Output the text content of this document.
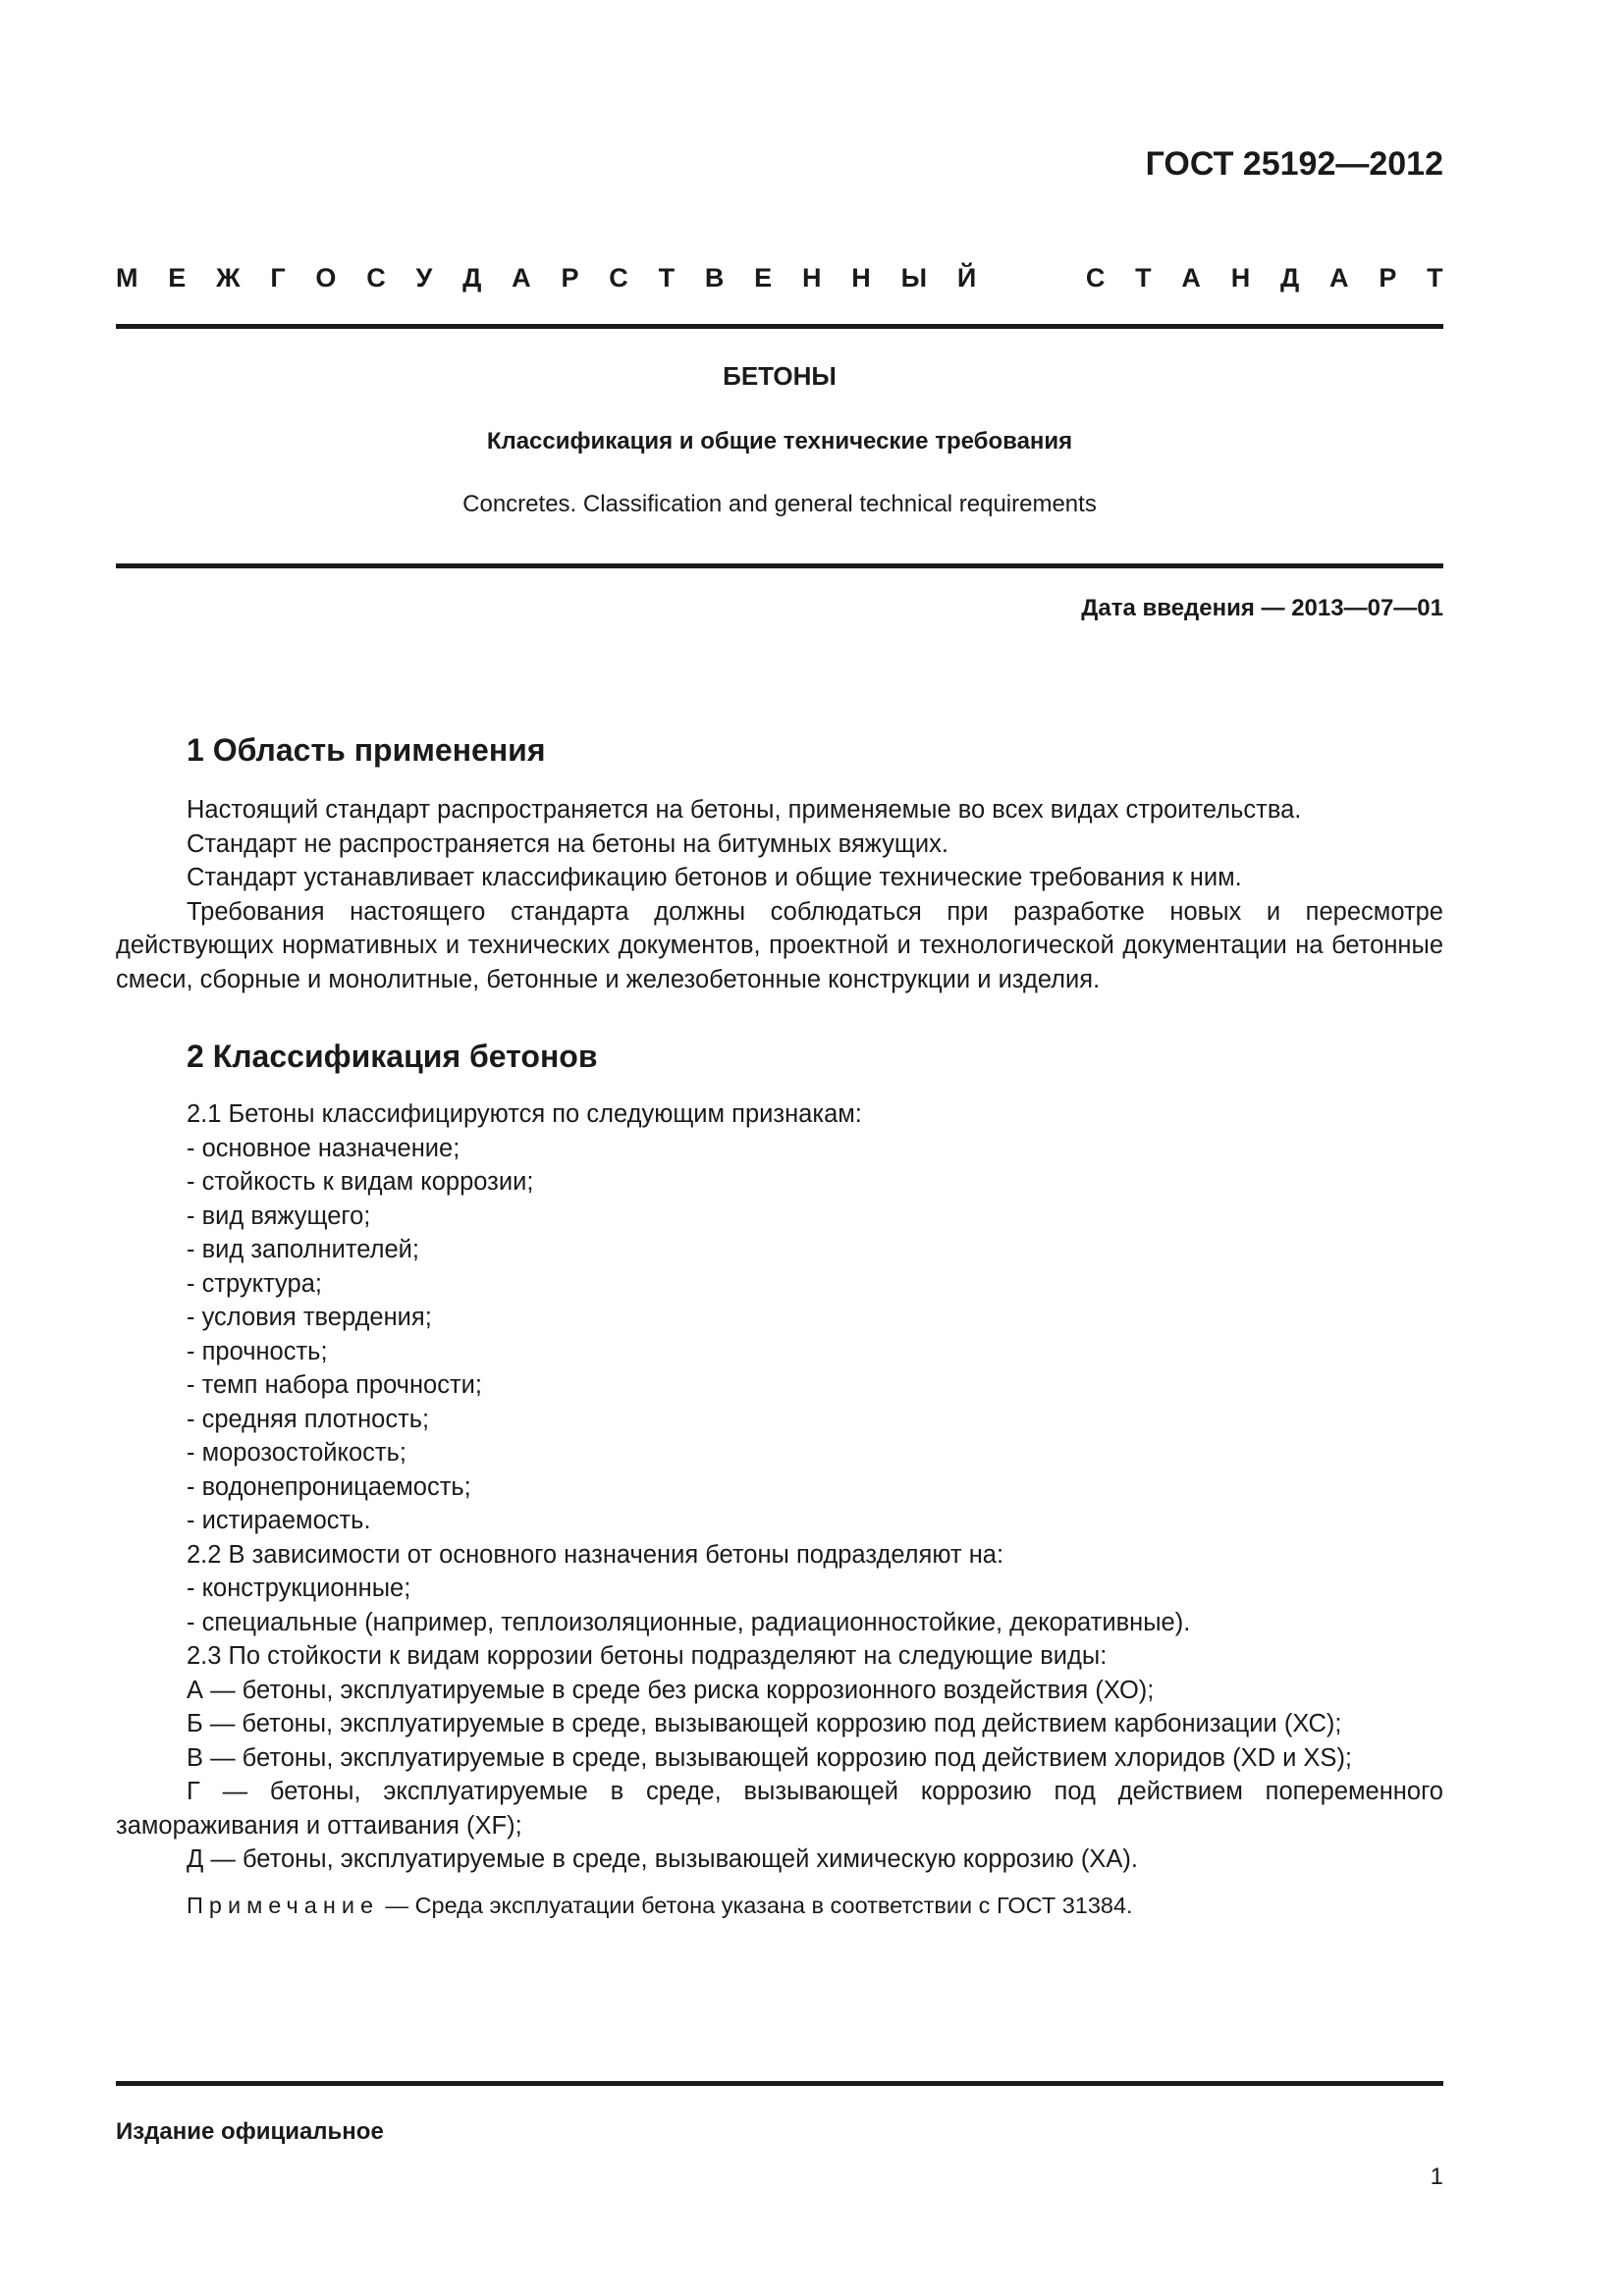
ГОСТ 25192—2012
М Е Ж Г О С У Д А Р С Т В Е Н Н Ы Й	С Т А Н Д А Р Т
БЕТОНЫ
Классификация и общие технические требования
Concretes. Classification and general technical requirements
Дата введения — 2013—07—01
1 Область применения

Настоящий стандарт распространяется на бетоны, применяемые во всех видах строительства.

Стандарт не распространяется на бетоны на битумных вяжущих.

Стандарт устанавливает классификацию бетонов и общие технические требования к ним.

Требования настоящего стандарта должны соблюдаться при разработке новых и пересмотре действующих нормативных и технических документов, проектной и технологической документации на бетонные смеси, сборные и монолитные, бетонные и железобетонные конструкции и изделия.

2 Классификация бетонов

2.1 Бетоны классифицируются по следующим признакам:

- основное назначение;

- стойкость к видам коррозии;

- вид вяжущего;

- вид заполнителей;

- структура;

- условия твердения;

- прочность;

- темп набора прочности;

- средняя плотность;

- морозостойкость;

- водонепроницаемость;

- истираемость.

2.2 В зависимости от основного назначения бетоны подразделяют на:

- конструкционные;

- специальные (например, теплоизоляционные, радиационностойкие, декоративные).

2.3 По стойкости к видам коррозии бетоны подразделяют на следующие виды:

А — бетоны, эксплуатируемые в среде без риска коррозионного воздействия (ХО);

Б — бетоны, эксплуатируемые в среде, вызывающей коррозию под действием карбонизации (ХС);

В — бетоны, эксплуатируемые в среде, вызывающей коррозию под действием хлоридов (XD и XS);

Г — бетоны, эксплуатируемые в среде, вызывающей коррозию под действием попеременного замораживания и оттаивания (XF);

Д — бетоны, эксплуатируемые в среде, вызывающей химическую коррозию (ХА).

Примечание — Среда эксплуатации бетона указана в соответствии с ГОСТ 31384.

Издание официальное
1
